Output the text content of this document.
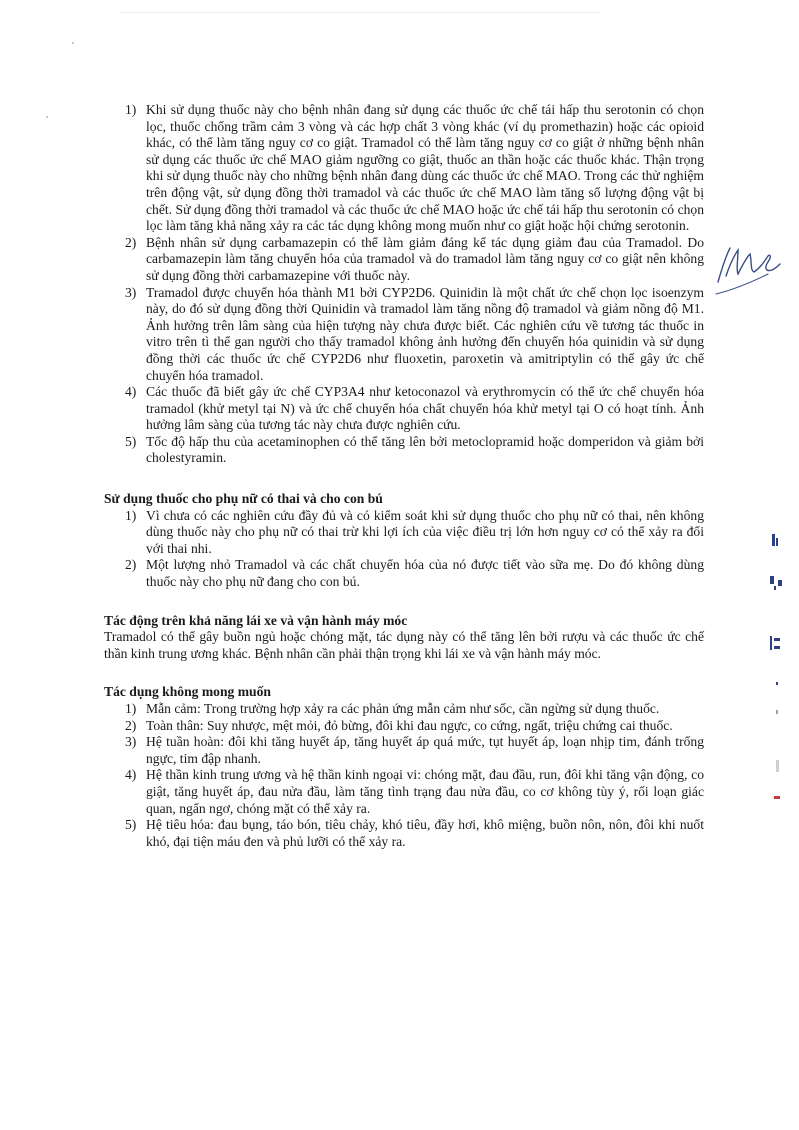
1) Khi sử dụng thuốc này cho bệnh nhân đang sử dụng các thuốc ức chế tái hấp thu serotonin có chọn lọc, thuốc chống trầm cảm 3 vòng và các hợp chất 3 vòng khác (ví dụ promethazin) hoặc các opioid khác, có thể làm tăng nguy cơ co giật. Tramadol có thể làm tăng nguy cơ co giật ở những bệnh nhân sử dụng các thuốc ức chế MAO giảm ngưỡng co giật, thuốc an thần hoặc các thuốc khác. Thận trọng khi sử dụng thuốc này cho những bệnh nhân đang dùng các thuốc ức chế MAO. Trong các thử nghiệm trên động vật, sử dụng đồng thời tramadol và các thuốc ức chế MAO làm tăng số lượng động vật bị chết. Sử dụng đồng thời tramadol và các thuốc ức chế MAO hoặc ức chế tái hấp thu serotonin có chọn lọc làm tăng khả năng xảy ra các tác dụng không mong muốn như co giật hoặc hội chứng serotonin.
2) Bệnh nhân sử dụng carbamazepin có thể làm giảm đáng kể tác dụng giảm đau của Tramadol. Do carbamazepin làm tăng chuyển hóa của tramadol và do tramadol làm tăng nguy cơ co giật nên không sử dụng đồng thời carbamazepine với thuốc này.
3) Tramadol được chuyển hóa thành M1 bởi CYP2D6. Quinidin là một chất ức chế chọn lọc isoenzym này, do đó sử dụng đồng thời Quinidin và tramadol làm tăng nồng độ tramadol và giảm nồng độ M1. Ảnh hưởng trên lâm sàng của hiện tượng này chưa được biết. Các nghiên cứu về tương tác thuốc in vitro trên tì thể gan người cho thấy tramadol không ảnh hưởng đến chuyển hóa quinidin và sử dụng đồng thời các thuốc ức chế CYP2D6 như fluoxetin, paroxetin và amitriptylin có thể gây ức chế chuyển hóa tramadol.
4) Các thuốc đã biết gây ức chế CYP3A4 như ketoconazol và erythromycin có thể ức chế chuyển hóa tramadol (khử metyl tại N) và ức chế chuyển hóa chất chuyển hóa khử metyl tại O có hoạt tính. Ảnh hưởng lâm sàng của tương tác này chưa được nghiên cứu.
5) Tốc độ hấp thu của acetaminophen có thể tăng lên bởi metoclopramid hoặc domperidon và giảm bởi cholestyramin.
Sử dụng thuốc cho phụ nữ có thai và cho con bú
1) Vì chưa có các nghiên cứu đầy đủ và có kiểm soát khi sử dụng thuốc cho phụ nữ có thai, nên không dùng thuốc này cho phụ nữ có thai trừ khi lợi ích của việc điều trị lớn hơn nguy cơ có thể xảy ra đối với thai nhi.
2) Một lượng nhỏ Tramadol và các chất chuyển hóa của nó được tiết vào sữa mẹ. Do đó không dùng thuốc này cho phụ nữ đang cho con bú.
Tác động trên khả năng lái xe và vận hành máy móc
Tramadol có thể gây buồn ngủ hoặc chóng mặt, tác dụng này có thể tăng lên bởi rượu và các thuốc ức chế thần kinh trung ương khác. Bệnh nhân cần phải thận trọng khi lái xe và vận hành máy móc.
Tác dụng không mong muốn
1) Mẫn cảm: Trong trường hợp xảy ra các phản ứng mẫn cảm như sốc, cần ngừng sử dụng thuốc.
2) Toàn thân: Suy nhược, mệt mỏi, đỏ bừng, đôi khi đau ngực, co cứng, ngất, triệu chứng cai thuốc.
3) Hệ tuần hoàn: đôi khi tăng huyết áp, tăng huyết áp quá mức, tụt huyết áp, loạn nhịp tim, đánh trống ngực, tim đập nhanh.
4) Hệ thần kinh trung ương và hệ thần kinh ngoại vi: chóng mặt, đau đầu, run, đôi khi tăng vận động, co giật, tăng huyết áp, đau nửa đầu, làm tăng tình trạng đau nửa đầu, co cơ không tùy ý, rối loạn giác quan, ngẩn ngơ, chóng mặt có thể xảy ra.
5) Hệ tiêu hóa: đau bụng, táo bón, tiêu chảy, khó tiêu, đầy hơi, khô miệng, buồn nôn, nôn, đôi khi nuốt khó, đại tiện máu đen và phủ lưỡi có thể xảy ra.
